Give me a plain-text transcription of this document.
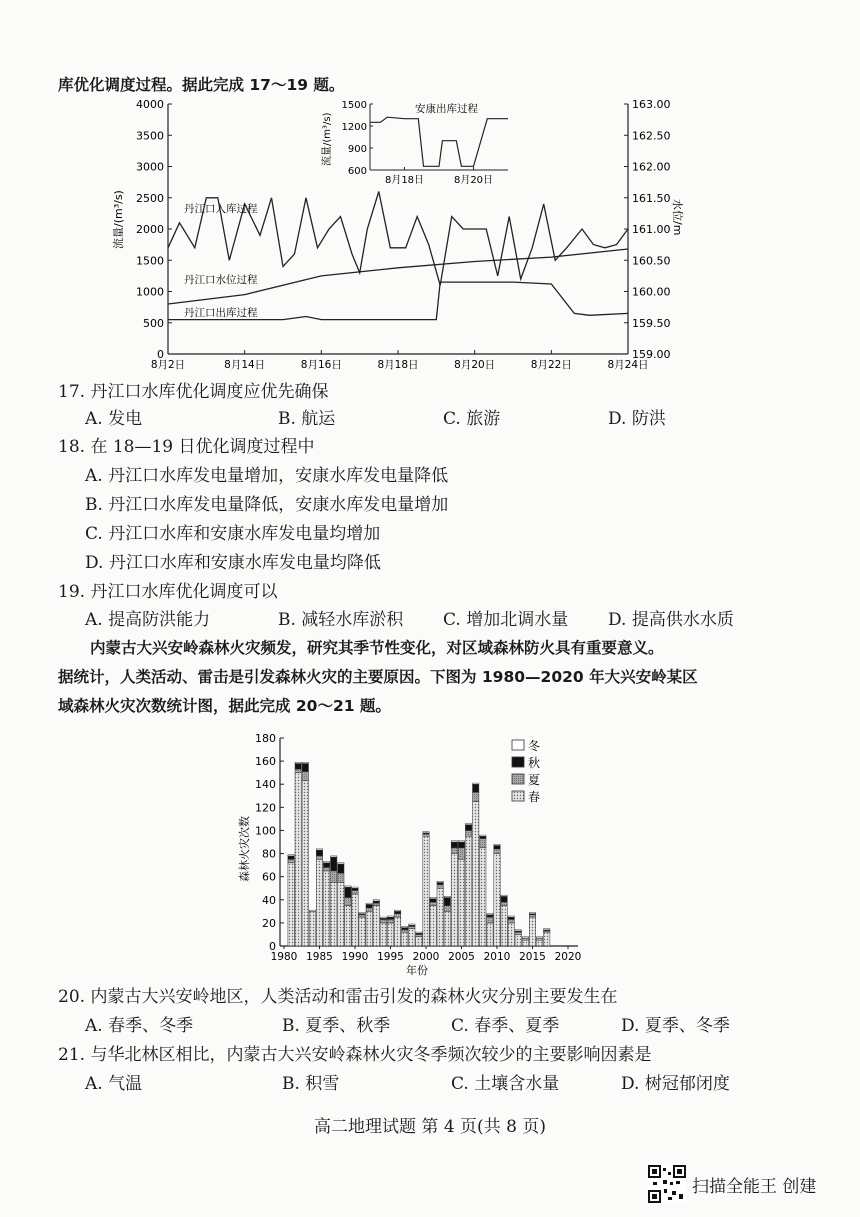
库优化调度过程。据此完成 17～19 题。
0
500
1000
1500
2000
2500
3000
3500
4000
159.00
159.50
160.00
160.50
161.00
161.50
162.00
162.50
163.00
8月2日	8月14日	8月16日	8月18日	8月20日	8月22日	8月24日
流量/(m³/s)	水位/m
丹江口入库过程
丹江口水位过程
丹江口出库过程
600
900
1200
1500
8月18日	8月20日
安康出库过程
流量/(m³/s)
17. 丹江口水库优化调度应优先确保
A. 发电	B. 航运	C. 旅游	D. 防洪
18. 在 18—19 日优化调度过程中
A. 丹江口水库发电量增加，安康水库发电量降低
B. 丹江口水库发电量降低，安康水库发电量增加
C. 丹江口水库和安康水库发电量均增加
D. 丹江口水库和安康水库发电量均降低
19. 丹江口水库优化调度可以
A. 提高防洪能力	B. 减轻水库淤积 C. 增加北调水量 D. 提高供水水质
内蒙古大兴安岭森林火灾频发，研究其季节性变化，对区域森林防火具有重要意义。
据统计，人类活动、雷击是引发森林火灾的主要原因。下图为 1980—2020 年大兴安岭某区
域森林火灾次数统计图，据此完成 20～21 题。
0
20
40
60
80
100
120
140
160
180
1980 1985 1990 1995 2000 2005 2010 2015 2020
年份
森林火灾次数
冬
秋
夏
春
20. 内蒙古大兴安岭地区，人类活动和雷击引发的森林火灾分别主要发生在
A. 春季、冬季	B. 夏季、秋季	C. 春季、夏季	D. 夏季、冬季
21. 与华北林区相比，内蒙古大兴安岭森林火灾冬季频次较少的主要影响因素是
A. 气温	B. 积雪	C. 土壤含水量	D. 树冠郁闭度
高二地理试题 第 4 页(共 8 页)
扫描全能王 创建
